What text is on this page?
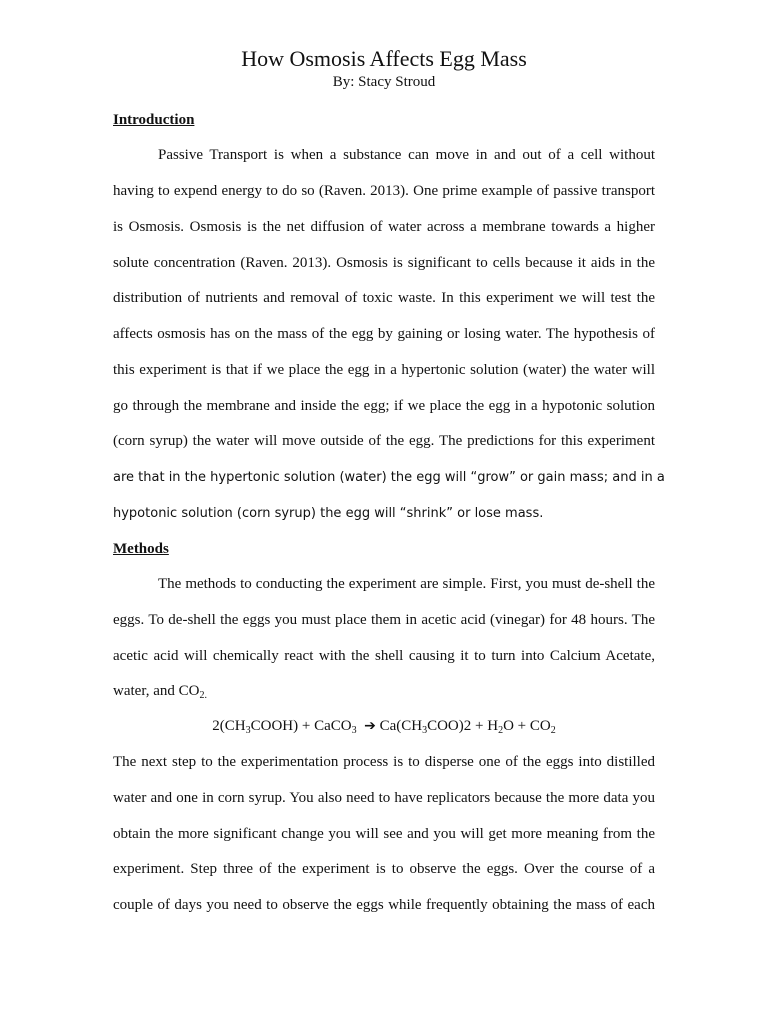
How Osmosis Affects Egg Mass
By: Stacy Stroud
Introduction
Passive Transport is when a substance can move in and out of a cell without
having to expend energy to do so (Raven. 2013). One prime example of passive transport
is Osmosis. Osmosis is the net diffusion of water across a membrane towards a higher
solute concentration (Raven. 2013). Osmosis is significant to cells because it aids in the
distribution of nutrients and removal of toxic waste. In this experiment we will test the
affects osmosis has on the mass of the egg by gaining or losing water. The hypothesis of
this experiment is that if we place the egg in a hypertonic solution (water) the water will
go through the membrane and inside the egg; if we place the egg in a hypotonic solution
(corn syrup) the water will move outside of the egg. The predictions for this experiment
are that in the hypertonic solution (water) the egg will “grow” or gain mass; and in a
hypotonic solution (corn syrup) the egg will “shrink” or lose mass.
Methods
The methods to conducting the experiment are simple. First, you must de-shell the
eggs. To de-shell the eggs you must place them in acetic acid (vinegar) for 48 hours. The
acetic acid will chemically react with the shell causing it to turn into Calcium Acetate,
water, and $CO_{2.}$
$2(CH_3COOH)$ + CaCO$_3$ ➔ $Ca(CH_3COO)2 + H_2O + CO_2$
The next step to the experimentation process is to disperse one of the eggs into distilled
water and one in corn syrup. You also need to have replicators because the more data you
obtain the more significant change you will see and you will get more meaning from the
experiment. Step three of the experiment is to observe the eggs. Over the course of a
couple of days you need to observe the eggs while frequently obtaining the mass of each
